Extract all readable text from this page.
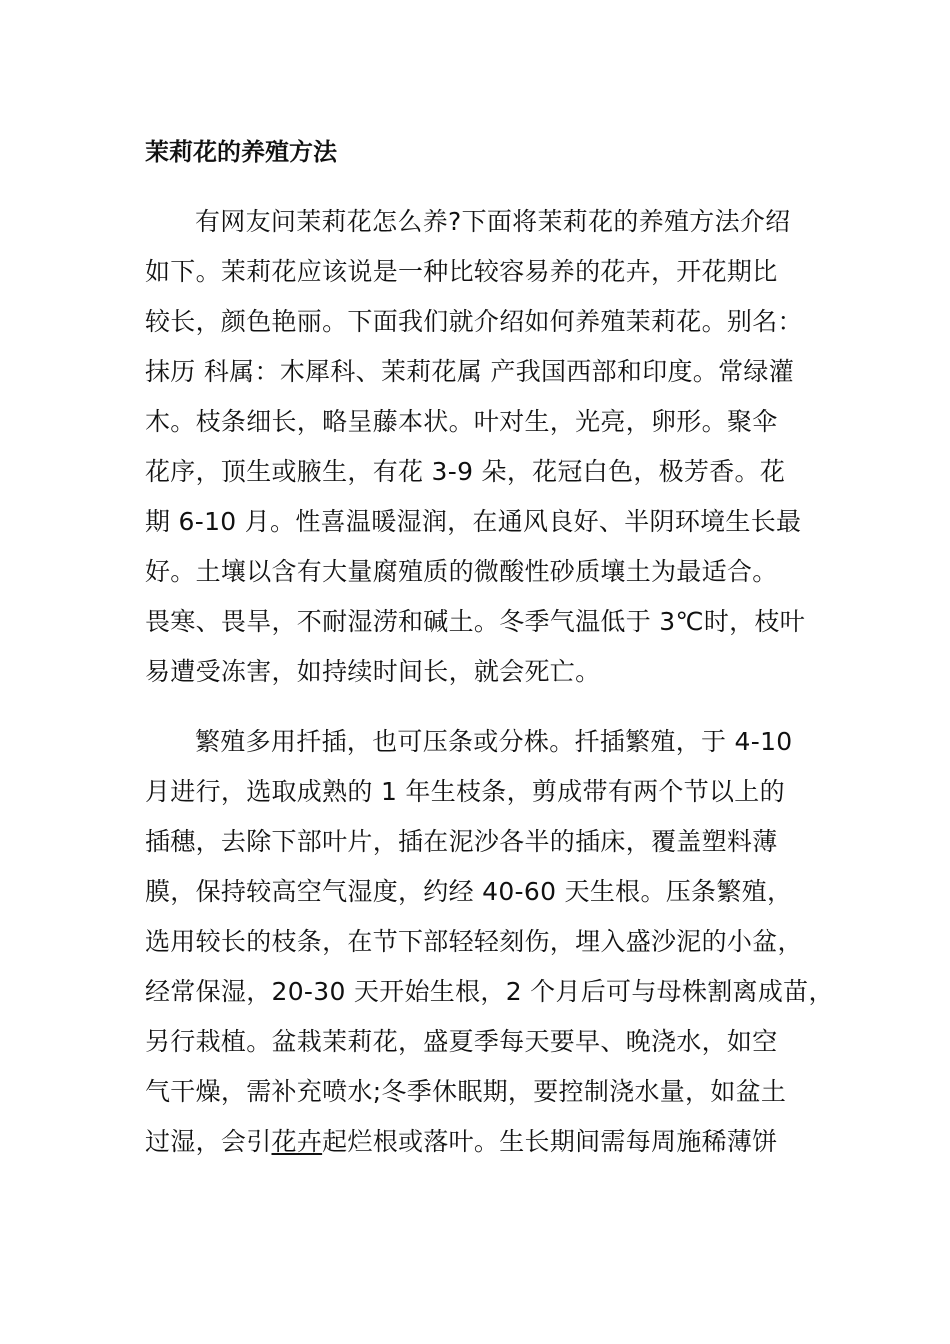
茉莉花的养殖方法
有网友问茉莉花怎么养?下面将茉莉花的养殖方法介绍
如下。茉莉花应该说是一种比较容易养的花卉，开花期比
较长，颜色艳丽。下面我们就介绍如何养殖茉莉花。别名：
抹历 科属：木犀科、茉莉花属 产我国西部和印度。常绿灌
木。枝条细长，略呈藤本状。叶对生，光亮，卵形。聚伞
花序，顶生或腋生，有花 3-9 朵，花冠白色，极芳香。花
期 6-10 月。性喜温暖湿润，在通风良好、半阴环境生长最
好。土壤以含有大量腐殖质的微酸性砂质壤土为最适合。
畏寒、畏旱，不耐湿涝和碱土。冬季气温低于 3℃时，枝叶
易遭受冻害，如持续时间长，就会死亡。
繁殖多用扦插，也可压条或分株。扦插繁殖，于 4-10
月进行，选取成熟的 1 年生枝条，剪成带有两个节以上的
插穗，去除下部叶片，插在泥沙各半的插床，覆盖塑料薄
膜，保持较高空气湿度，约经 40-60 天生根。压条繁殖，
选用较长的枝条，在节下部轻轻刻伤，埋入盛沙泥的小盆，
经常保湿，20-30 天开始生根，2 个月后可与母株割离成苗，
另行栽植。盆栽茉莉花，盛夏季每天要早、晚浇水，如空
气干燥，需补充喷水;冬季休眠期，要控制浇水量，如盆土
过湿，会引花卉起烂根或落叶。生长期间需每周施稀薄饼
